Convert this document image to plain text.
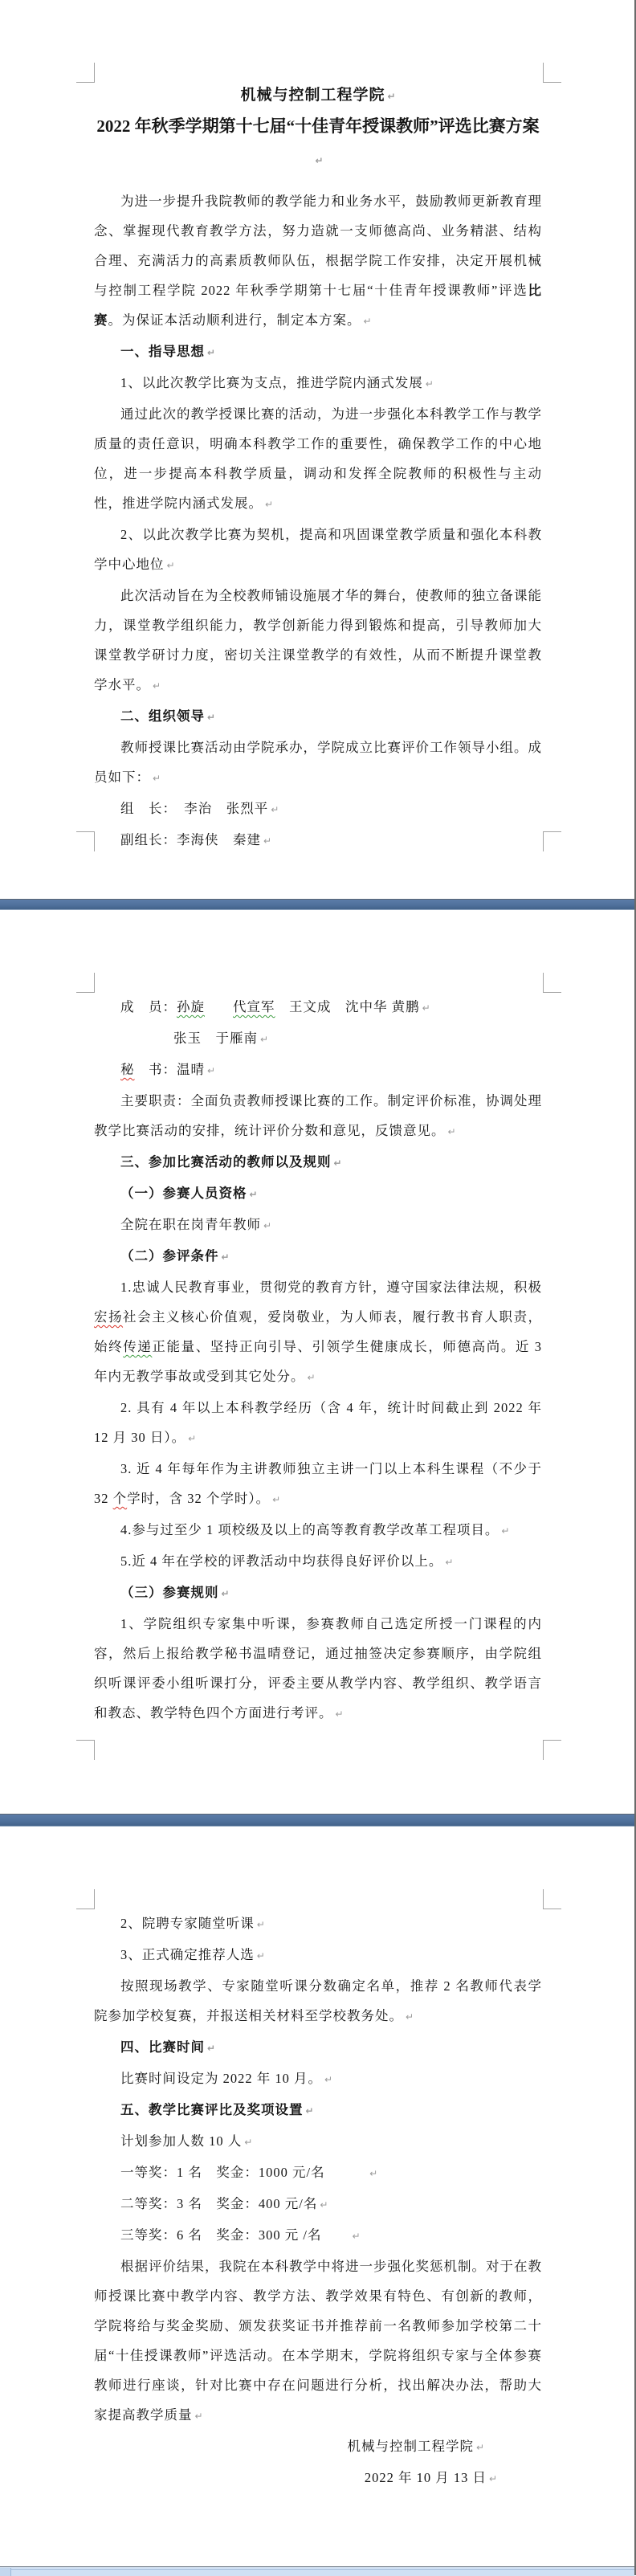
机械与控制工程学院 ↵

2022 年秋季学期第十七届“十佳青年授课教师”评选比赛方案↵

为进一步提升我院教师的教学能力和业务水平，鼓励教师更新教育理念、掌握现代教育教学方法，努力造就一支师德高尚、业务精湛、结构合理、充满活力的高素质教师队伍，根据学院工作安排，决定开展机械与控制工程学院 2022 年秋季学期第十七届“十佳青年授课教师”评选比赛。为保证本活动顺利进行，制定本方案。 ↵

一、指导思想 ↵

1、以此次教学比赛为支点，推进学院内涵式发展 ↵

通过此次的教学授课比赛的活动，为进一步强化本科教学工作与教学质量的责任意识，明确本科教学工作的重要性，确保教学工作的中心地位，进一步提高本科教学质量，调动和发挥全院教师的积极性与主动性，推进学院内涵式发展。 ↵

2、以此次教学比赛为契机，提高和巩固课堂教学质量和强化本科教学中心地位 ↵

此次活动旨在为全校教师铺设施展才华的舞台，使教师的独立备课能力，课堂教学组织能力，教学创新能力得到锻炼和提高，引导教师加大课堂教学研讨力度，密切关注课堂教学的有效性，从而不断提升课堂教学水平。 ↵

二、组织领导 ↵

教师授课比赛活动由学院承办，学院成立比赛评价工作领导小组。成员如下： ↵

组　长：　李治　张烈平 ↵

副组长：李海侠　秦建 ↵

成　员：孙旋　　 代宣军　王文成　沈中华 黄鹏 ↵

张玉　于雁南 ↵

秘　书：温晴 ↵

主要职责：全面负责教师授课比赛的工作。制定评价标准，协调处理教学比赛活动的安排，统计评价分数和意见，反馈意见。 ↵

三、参加比赛活动的教师以及规则 ↵

（一）参赛人员资格 ↵

全院在职在岗青年教师 ↵

（二）参评条件 ↵

1.忠诚人民教育事业，贯彻党的教育方针，遵守国家法律法规，积极宏扬社会主义核心价值观，爱岗敬业，为人师表，履行教书育人职责，始终传递正能量、坚持正向引导、引领学生健康成长，师德高尚。近 3 年内无教学事故或受到其它处分。 ↵

2. 具有 4 年以上本科教学经历（含 4 年，统计时间截止到 2022 年 12 月 30 日）。 ↵

3. 近 4 年每年作为主讲教师独立主讲一门以上本科生课程（不少于 32 个学时，含 32 个学时）。 ↵

4.参与过至少 1 项校级及以上的高等教育教学改革工程项目。 ↵

5.近 4 年在学校的评教活动中均获得良好评价以上。 ↵

（三）参赛规则 ↵

1、学院组织专家集中听课，参赛教师自己选定所授一门课程的内容，然后上报给教学秘书温晴登记，通过抽签决定参赛顺序，由学院组织听课评委小组听课打分，评委主要从教学内容、教学组织、教学语言和教态、教学特色四个方面进行考评。 ↵

2、院聘专家随堂听课 ↵

3、正式确定推荐人选 ↵

按照现场教学、专家随堂听课分数确定名单，推荐 2 名教师代表学院参加学校复赛，并报送相关材料至学校教务处。 ↵

四、比赛时间 ↵

比赛时间设定为 2022 年 10 月。 ↵

五、教学比赛评比及奖项设置 ↵

计划参加人数 10 人 ↵

一等奖：1 名　奖金：1000 元/名　　　↵

二等奖：3 名　奖金：400 元/名 ↵

三等奖：6 名　奖金：300 元 /名　　↵

根据评价结果，我院在本科教学中将进一步强化奖惩机制。对于在教师授课比赛中教学内容、教学方法、教学效果有特色、有创新的教师，学院将给与奖金奖励、颁发获奖证书并推荐前一名教师参加学校第二十届“十佳授课教师”评选活动。在本学期末，学院将组织专家与全体参赛教师进行座谈，针对比赛中存在问题进行分析，找出解决办法，帮助大家提高教学质量 ↵

机械与控制工程学院 ↵

2022 年 10 月 13 日 ↵
